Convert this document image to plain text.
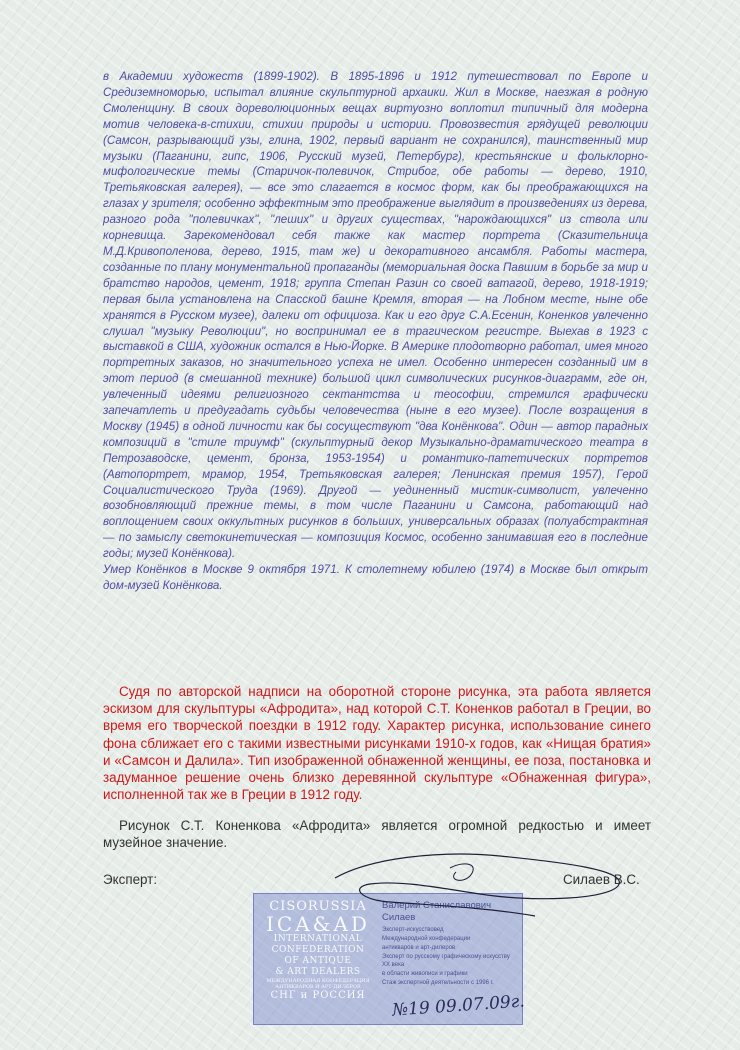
в Академии художеств (1899-1902). В 1895-1896 и 1912 путешествовал по Европе и Средиземноморью, испытал влияние скульптурной архаики. Жил в Москве, наезжая в родную Смоленщину. В своих дореволюционных вещах виртуозно воплотил типичный для модерна мотив человека-в-стихии, стихии природы и истории. Провозвестия грядущей революции (Самсон, разрывающий узы, глина, 1902, первый вариант не сохранился), таинственный мир музыки (Паганини, гипс, 1906, Русский музей, Петербург), крестьянские и фольклорно-мифологические темы (Старичок-полевичок, Стрибог, обе работы — дерево, 1910, Третьяковская галерея), — все это слагается в космос форм, как бы преображающихся на глазах у зрителя; особенно эффектным это преображение выглядит в произведениях из дерева, разного рода "полевичках", "леших" и других существах, "нарождающихся" из ствола или корневища. Зарекомендовал себя также как мастер портрета (Сказительница М.Д.Кривополенова, дерево, 1915, там же) и декоративного ансамбля. Работы мастера, созданные по плану монументальной пропаганды (мемориальная доска Павшим в борьбе за мир и братство народов, цемент, 1918; группа Степан Разин со своей ватагой, дерево, 1918-1919; первая была установлена на Спасской башне Кремля, вторая — на Лобном месте, ныне обе хранятся в Русском музее), далеки от официоза. Как и его друг С.А.Есенин, Коненков увлеченно слушал "музыку Революции", но воспринимал ее в трагическом регистре. Выехав в 1923 с выставкой в США, художник остался в Нью-Йорке. В Америке плодотворно работал, имея много портретных заказов, но значительного успеха не имел. Особенно интересен созданный им в этот период (в смешанной технике) большой цикл символических рисунков-диаграмм, где он, увлеченный идеями религиозного сектантства и теософии, стремился графически запечатлеть и предугадать судьбы человечества (ныне в его музее). После возращения в Москву (1945) в одной личности как бы сосуществуют "два Конёнкова". Один — автор парадных композиций в "стиле триумф" (скульптурный декор Музыкально-драматического театра в Петрозаводске, цемент, бронза, 1953-1954) и романтико-патетических портретов (Автопортрет, мрамор, 1954, Третьяковская галерея; Ленинская премия 1957), Герой Социалистического Труда (1969). Другой — уединенный мистик-символист, увлеченно возобновляющий прежние темы, в том числе Паганини и Самсона, работающий над воплощением своих оккультных рисунков в больших, универсальных образах (полуабстрактная — по замыслу светокинетическая — композиция Космос, особенно занимавшая его в последние годы; музей Конёнкова).

Умер Конёнков в Москве 9 октября 1971. К столетнему юбилею (1974) в Москве был открыт дом-музей Конёнкова.

Судя по авторской надписи на оборотной стороне рисунка, эта работа является эскизом для скульптуры «Афродита», над которой С.Т. Коненков работал в Греции, во время его творческой поездки в 1912 году. Характер рисунка, использование синего фона сближает его с такими известными рисунками 1910-х годов, как «Нищая братия» и «Самсон и Далила». Тип изображенной обнаженной женщины, ее поза, постановка и задуманное решение очень близко деревянной скульптуре «Обнаженная фигура», исполненной так же в Греции в 1912 году.

Рисунок С.Т. Коненкова «Афродита» является огромной редкостью и имеет музейное значение.
Эксперт:	Силаев В.С.
CISORUSSIA
ICA&AD
INTERNATIONAL
CONFEDERATION
OF ANTIQUE
& ART DEALERS
МЕЖДУНАРОДНАЯ КОНФЕДЕРАЦИЯ АНТИКВАРОВ И АРТ-ДИЛЕРОВ
СНГ и РОССИЯ
Валерий Станиславович
Силаев
Эксперт-искусствовед
Международной конфедерации
антикваров и арт-дилеров
Эксперт по русскому графическому искусству XX века
в области живописи и графики
Стаж экспертной деятельности с 1996 г.
№19 09.07.09г.
